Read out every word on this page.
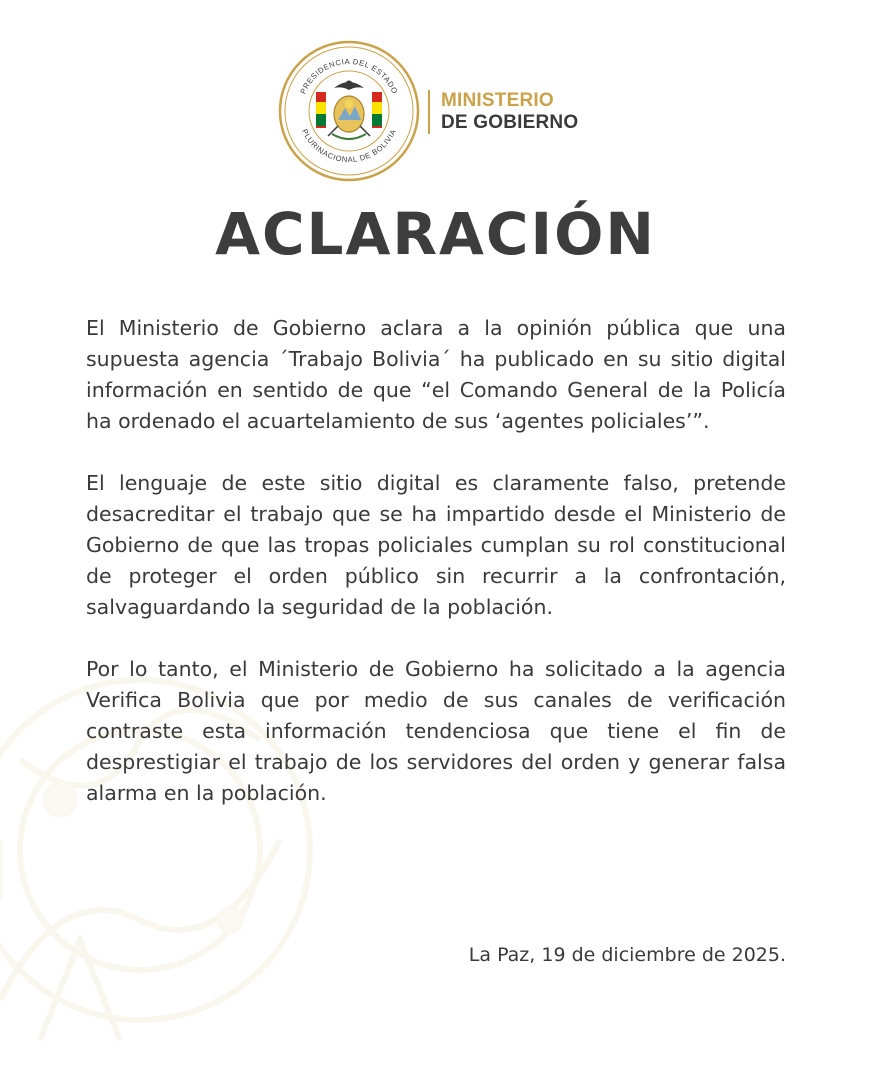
PRESIDENCIA DEL ESTADO
PLURINACIONAL DE BOLIVIA
MINISTERIO
DE GOBIERNO
ACLARACIÓN

El Ministerio de Gobierno aclara a la opinión pública que una supuesta agencia ´Trabajo Bolivia´ ha publicado en su sitio digital información en sentido de que “el Comando General de la Policía ha ordenado el acuartelamiento de sus ‘agentes policiales’”.

El lenguaje de este sitio digital es claramente falso, pretende desacreditar el trabajo que se ha impartido desde el Ministerio de Gobierno de que las tropas policiales cumplan su rol constitucional de proteger el orden público sin recurrir a la confrontación, salvaguardando la seguridad de la población.

Por lo tanto, el Ministerio de Gobierno ha solicitado a la agencia Verifica Bolivia que por medio de sus canales de verificación contraste esta información tendenciosa que tiene el fin de desprestigiar el trabajo de los servidores del orden y generar falsa alarma en la población.

La Paz, 19 de diciembre de 2025.
